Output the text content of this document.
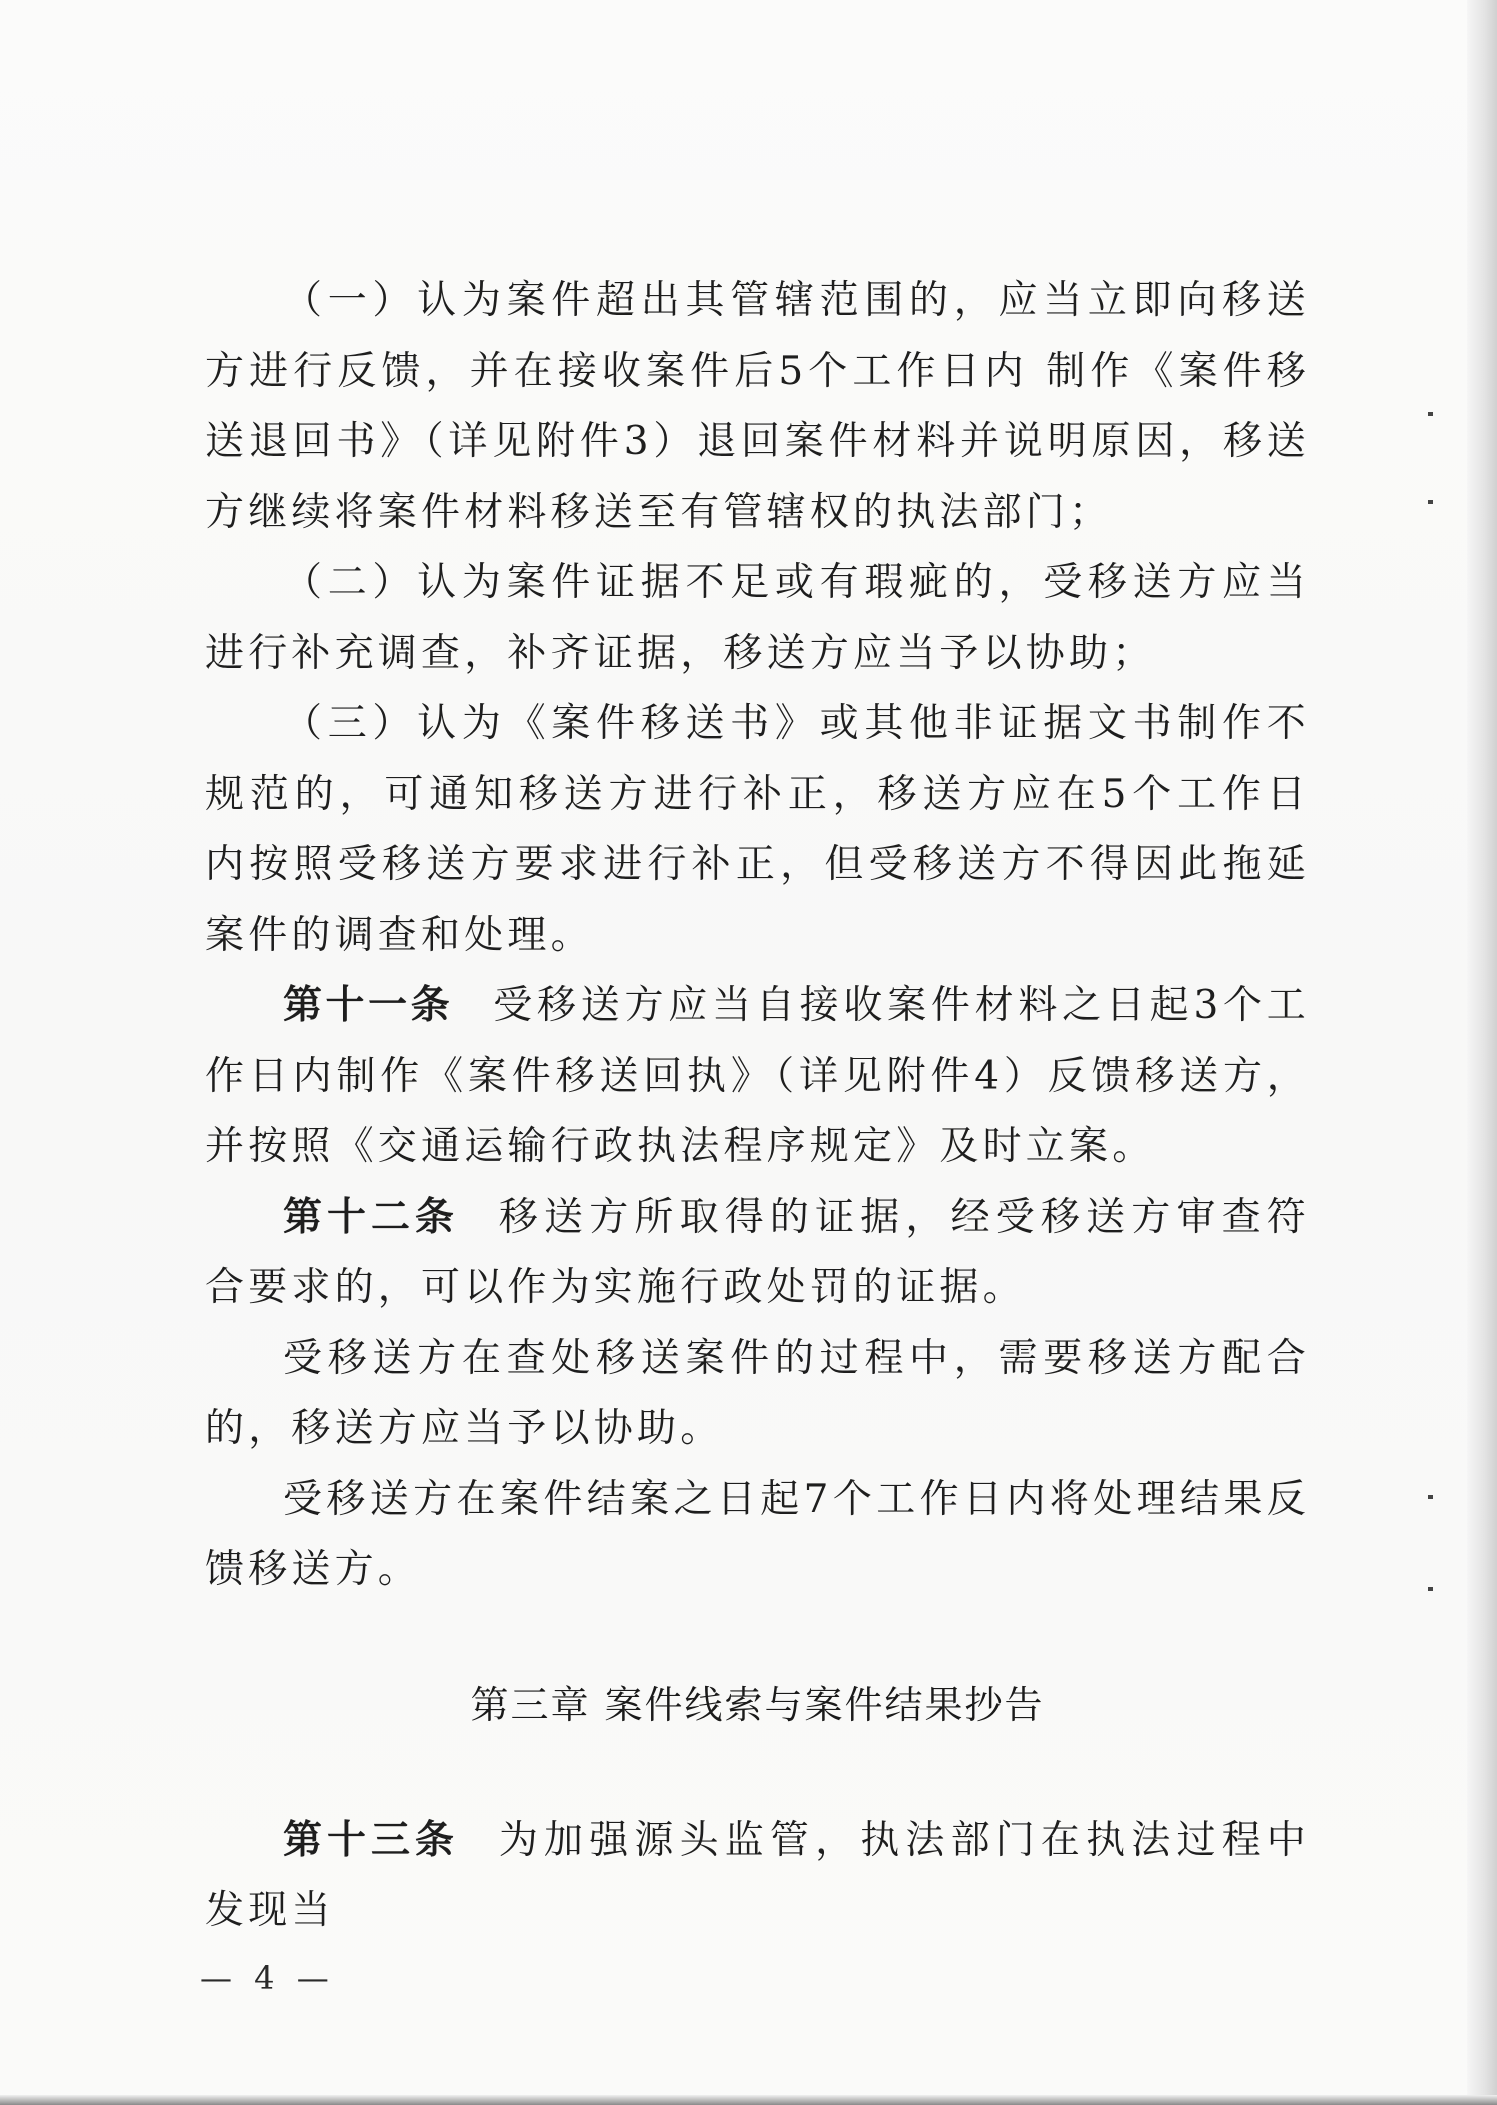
（一）认为案件超出其管辖范围的，应当立即向移送方进行反馈，并在接收案件后5个工作日内 制作《案件移送退回书》（详见附件3）退回案件材料并说明原因，移送方继续将案件材料移送至有管辖权的执法部门；

（二）认为案件证据不足或有瑕疵的，受移送方应当进行补充调查，补齐证据，移送方应当予以协助；

（三）认为《案件移送书》或其他非证据文书制作不规范的，可通知移送方进行补正，移送方应在5个工作日内按照受移送方要求进行补正，但受移送方不得因此拖延案件的调查和处理。

第十一条 受移送方应当自接收案件材料之日起3个工作日内制作《案件移送回执》（详见附件4）反馈移送方，并按照《交通运输行政执法程序规定》及时立案。

第十二条 移送方所取得的证据，经受移送方审查符合要求的，可以作为实施行政处罚的证据。

受移送方在查处移送案件的过程中，需要移送方配合的，移送方应当予以协助。

受移送方在案件结案之日起7个工作日内将处理结果反馈移送方。

第三章 案件线索与案件结果抄告

第十三条 为加强源头监管，执法部门在执法过程中发现当

— 4 —
